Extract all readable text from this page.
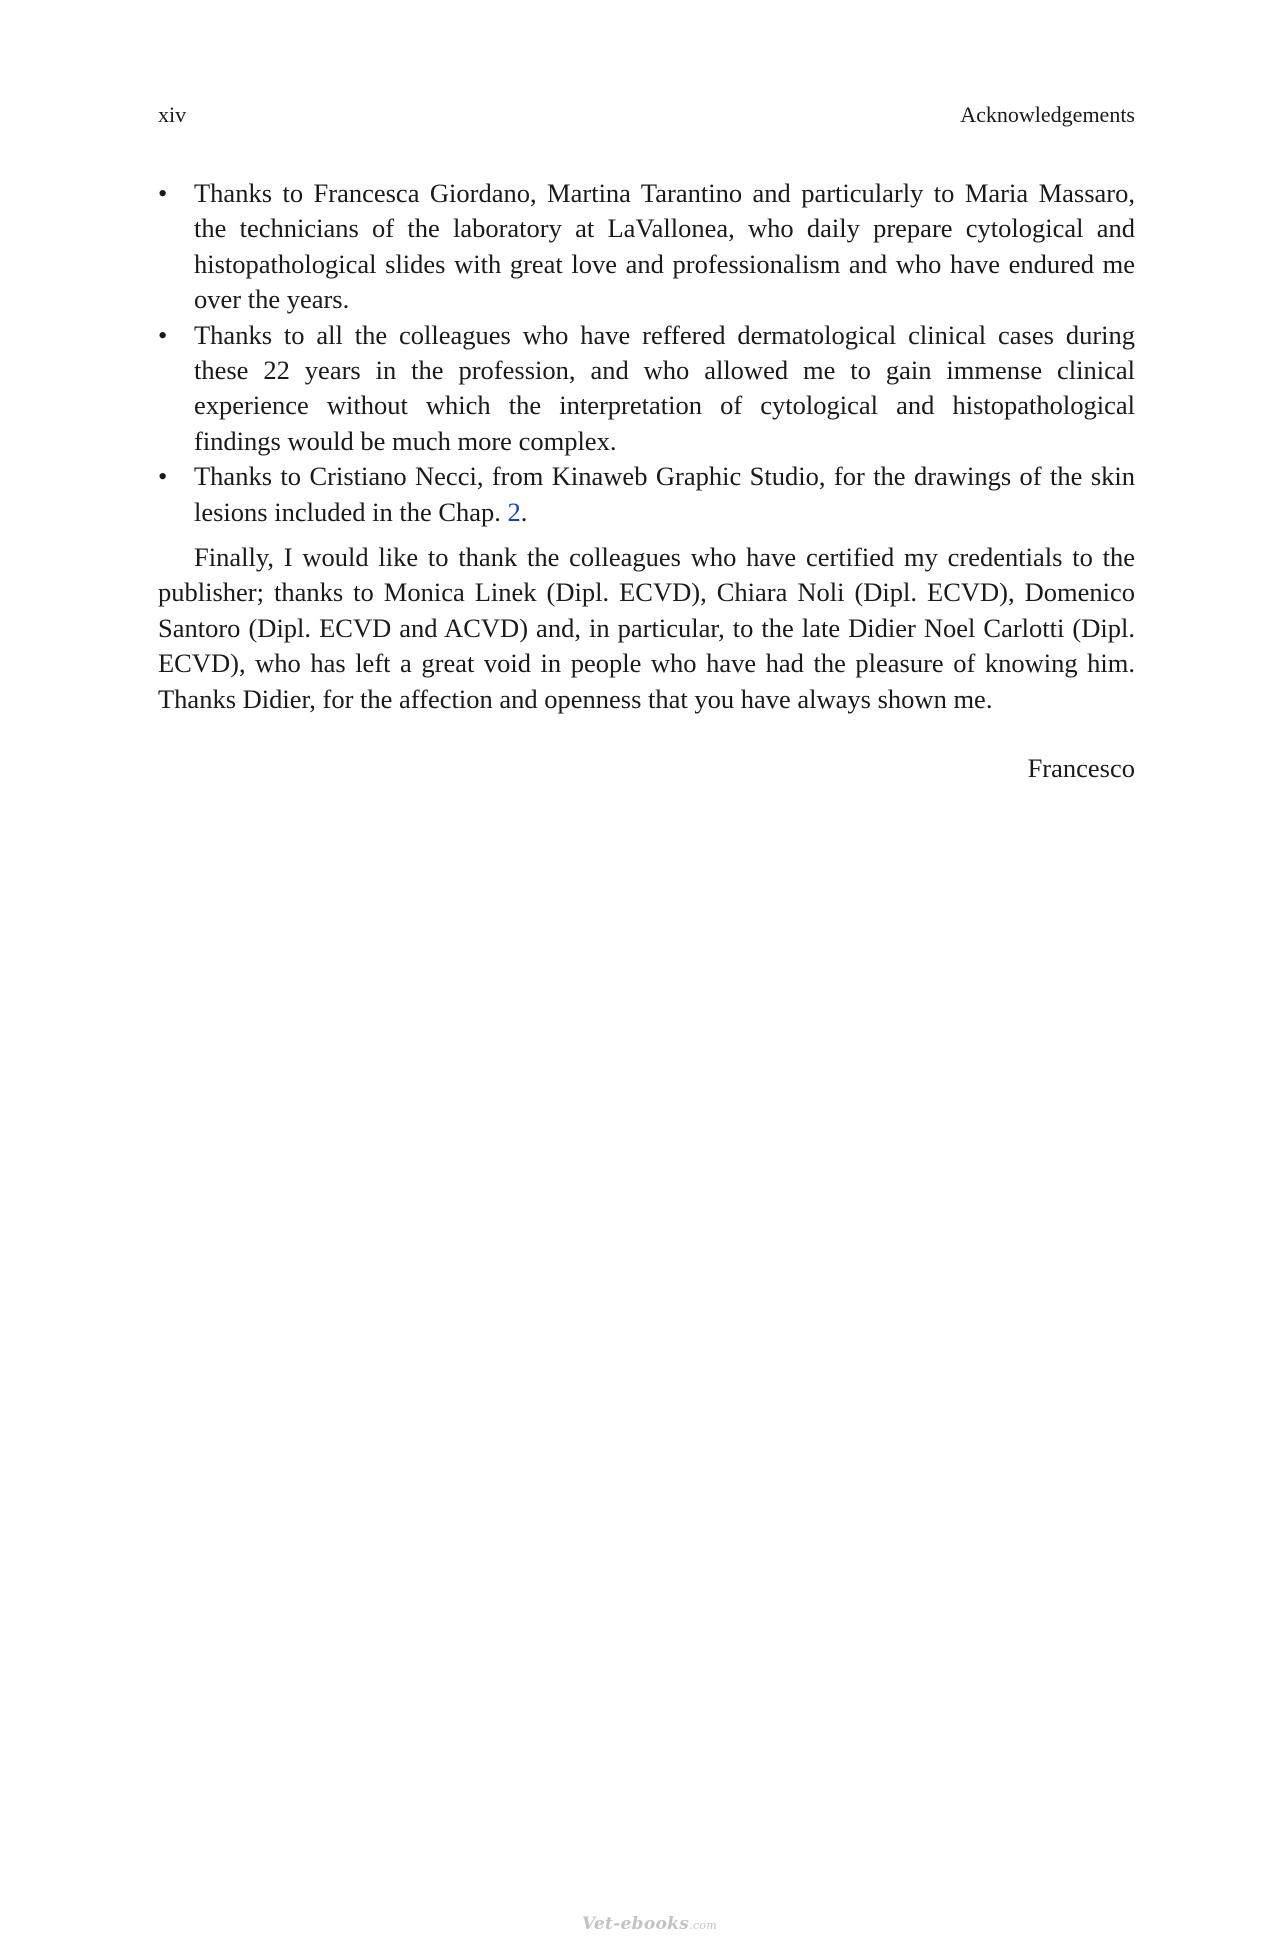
xiv	Acknowledgements
• Thanks to Francesca Giordano, Martina Tarantino and particularly to Maria Massaro, the technicians of the laboratory at LaVallonea, who daily prepare cytological and histopathological slides with great love and professionalism and who have endured me over the years.
• Thanks to all the colleagues who have reffered dermatological clinical cases during these 22 years in the profession, and who allowed me to gain immense clinical experience without which the interpretation of cytological and histopathological findings would be much more complex.
• Thanks to Cristiano Necci, from Kinaweb Graphic Studio, for the drawings of the skin lesions included in the Chap. 2.

Finally, I would like to thank the colleagues who have certified my credentials to the publisher; thanks to Monica Linek (Dipl. ECVD), Chiara Noli (Dipl. ECVD), Domenico Santoro (Dipl. ECVD and ACVD) and, in particular, to the late Didier Noel Carlotti (Dipl. ECVD), who has left a great void in people who have had the pleasure of knowing him. Thanks Didier, for the affection and openness that you have always shown me.

Francesco
Vet-ebooks.com
